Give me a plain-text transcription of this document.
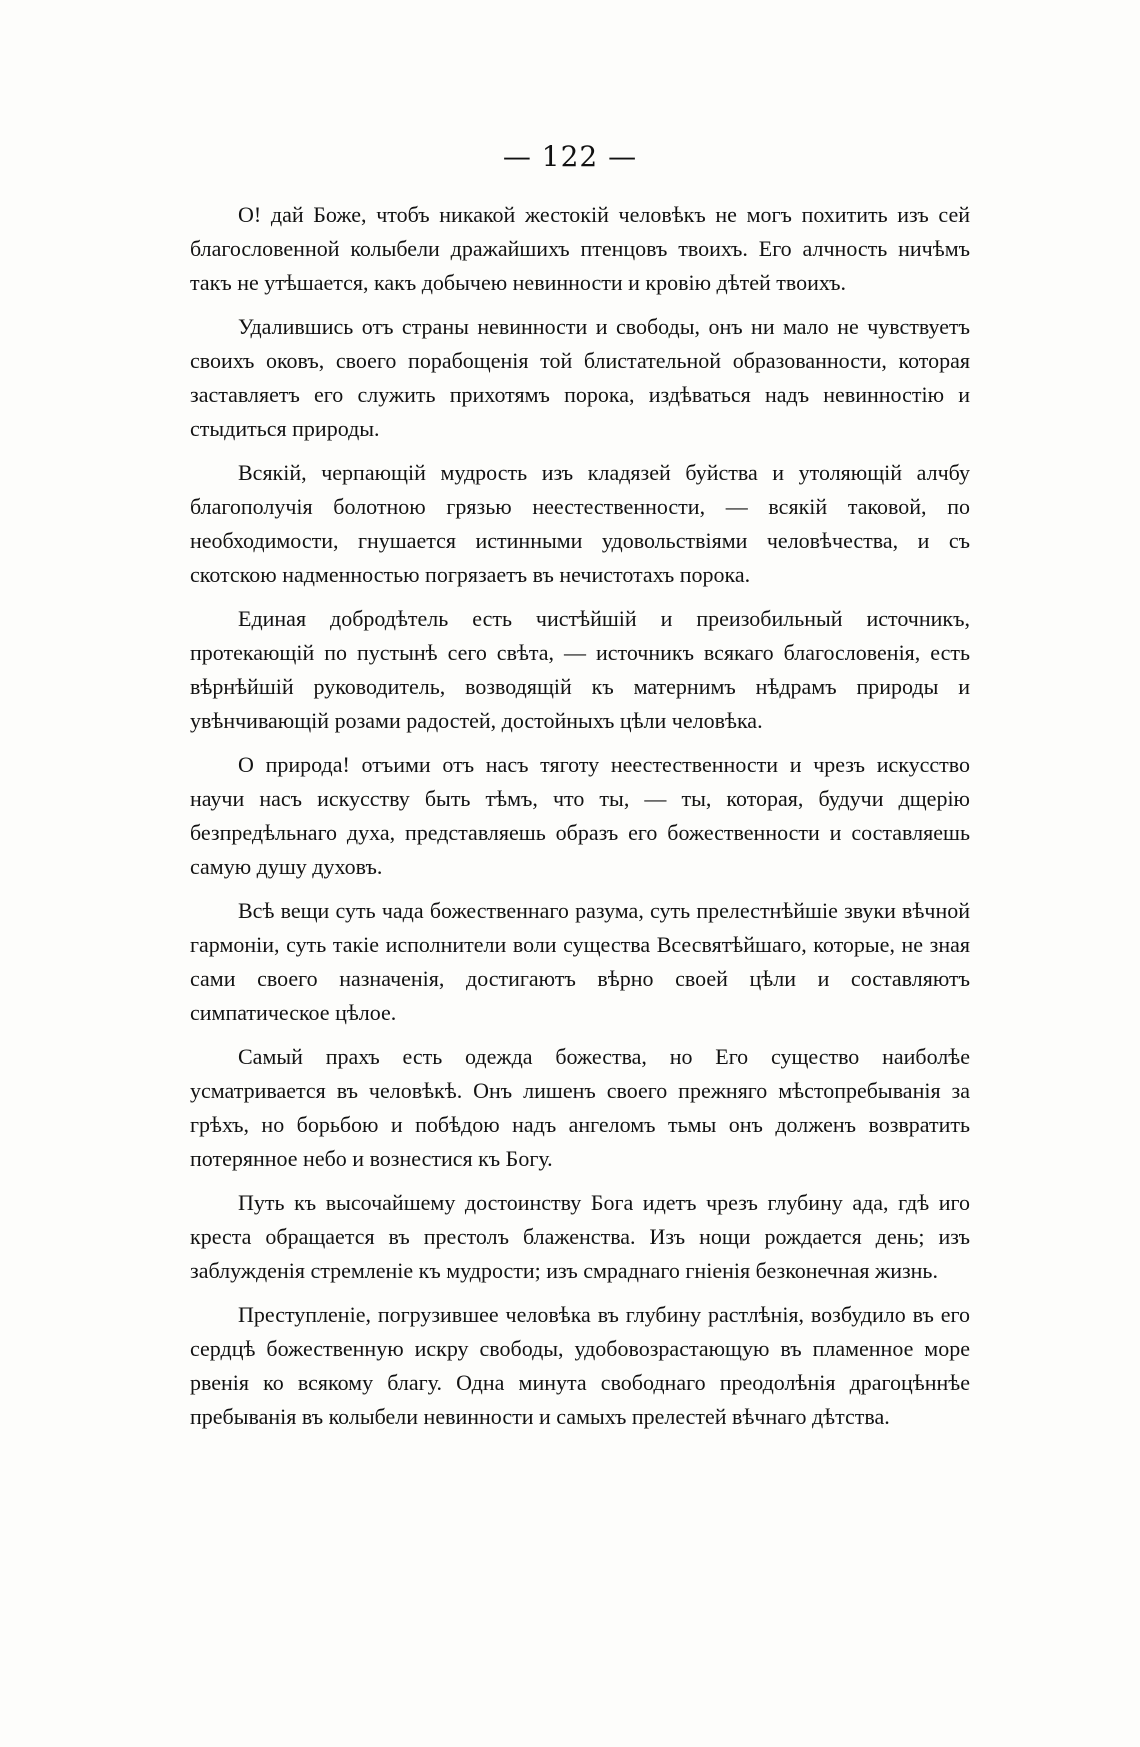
— 122 —

О! дай Боже, чтобъ никакой жестокій человѣкъ не могъ похитить изъ сей благословенной колыбели дражайшихъ птенцовъ твоихъ. Его алчность ничѣмъ такъ не утѣшается, какъ добычею невинности и кровію дѣтей твоихъ.

Удалившись отъ страны невинности и свободы, онъ ни мало не чувствуетъ своихъ оковъ, своего порабощенія той блистательной образованности, которая заставляетъ его служить прихотямъ порока, издѣваться надъ невинностію и стыдиться природы.

Всякій, черпающій мудрость изъ кладязей буйства и утоляющій алчбу благополучія болотною грязью неестественности, — всякій таковой, по необходимости, гнушается истинными удовольствіями человѣчества, и съ скотскою надменностью погрязаетъ въ нечистотахъ порока.

Единая добродѣтель есть чистѣйшій и преизобильный источникъ, протекающій по пустынѣ сего свѣта, — источникъ всякаго благословенія, есть вѣрнѣйшій руководитель, возводящій къ матернимъ нѣдрамъ природы и увѣнчивающій розами радостей, достойныхъ цѣли человѣка.

О природа! отъими отъ насъ тяготу неестественности и чрезъ искусство научи насъ искусству быть тѣмъ, что ты, — ты, которая, будучи дщерію безпредѣльнаго духа, представляешь образъ его божественности и составляешь самую душу духовъ.

Всѣ вещи суть чада божественнаго разума, суть прелестнѣйшіе звуки вѣчной гармоніи, суть такіе исполнители воли существа Всесвятѣйшаго, которые, не зная сами своего назначенія, достигаютъ вѣрно своей цѣли и составляютъ симпатическое цѣлое.

Самый прахъ есть одежда божества, но Его существо наиболѣе усматривается въ человѣкѣ. Онъ лишенъ своего прежняго мѣстопребыванія за грѣхъ, но борьбою и побѣдою надъ ангеломъ тьмы онъ долженъ возвратить потерянное небо и вознестися къ Богу.

Путь къ высочайшему достоинству Бога идетъ чрезъ глубину ада, гдѣ иго креста обращается въ престолъ блаженства. Изъ нощи рождается день; изъ заблужденія стремленіе къ мудрости; изъ смраднаго гніенія безконечная жизнь.

Преступленіе, погрузившее человѣка въ глубину растлѣнія, возбудило въ его сердцѣ божественную искру свободы, удобовозрастающую въ пламенное море рвенія ко всякому благу. Одна минута свободнаго преодолѣнія драгоцѣннѣе пребыванія въ колыбели невинности и самыхъ прелестей вѣчнаго дѣтства.
